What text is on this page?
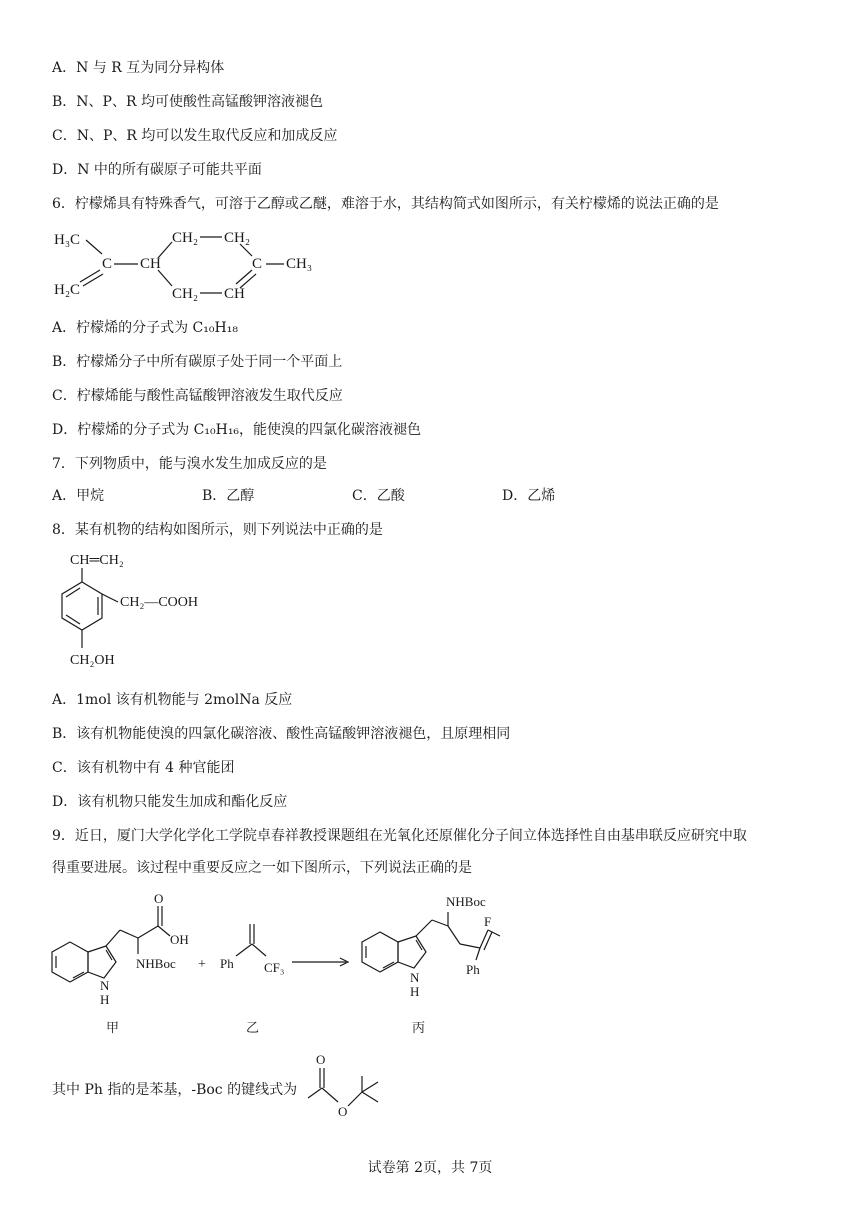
A．N 与 R 互为同分异构体
B．N、P、R 均可使酸性高锰酸钾溶液褪色
C．N、P、R 均可以发生取代反应和加成反应
D．N 中的所有碳原子可能共平面
6．柠檬烯具有特殊香气，可溶于乙醇或乙醚，难溶于水，其结构简式如图所示，有关柠檬烯的说法正确的是
H₃C
C CH
H₂C
CH₂ CH₂
C CH₃
CH₂ CH
A．柠檬烯的分子式为 C₁₀H₁₈
B．柠檬烯分子中所有碳原子处于同一个平面上
C．柠檬烯能与酸性高锰酸钾溶液发生取代反应
D．柠檬烯的分子式为 C₁₀H₁₆，能使溴的四氯化碳溶液褪色
7．下列物质中，能与溴水发生加成反应的是
A．甲烷	B．乙醇	C．乙酸	D．乙烯
8．某有机物的结构如图所示，则下列说法中正确的是
CH═CH₂
CH₂—COOH
CH₂OH
A．1mol 该有机物能与 2molNa 反应
B．该有机物能使溴的四氯化碳溶液、酸性高锰酸钾溶液褪色，且原理相同
C．该有机物中有 4 种官能团
D．该有机物只能发生加成和酯化反应
9．近日，厦门大学化学化工学院卓春祥教授课题组在光氧化还原催化分子间立体选择性自由基串联反应研究中取
得重要进展。该过程中重要反应之一如下图所示，下列说法正确的是
O
OH
NHBoc
N
H
甲
+ Ph CF₃
乙
NHBoc
F
Ph
N
H
丙
其中 Ph 指的是苯基，-Boc 的键线式为
O
O
试卷第 2页，共 7页
